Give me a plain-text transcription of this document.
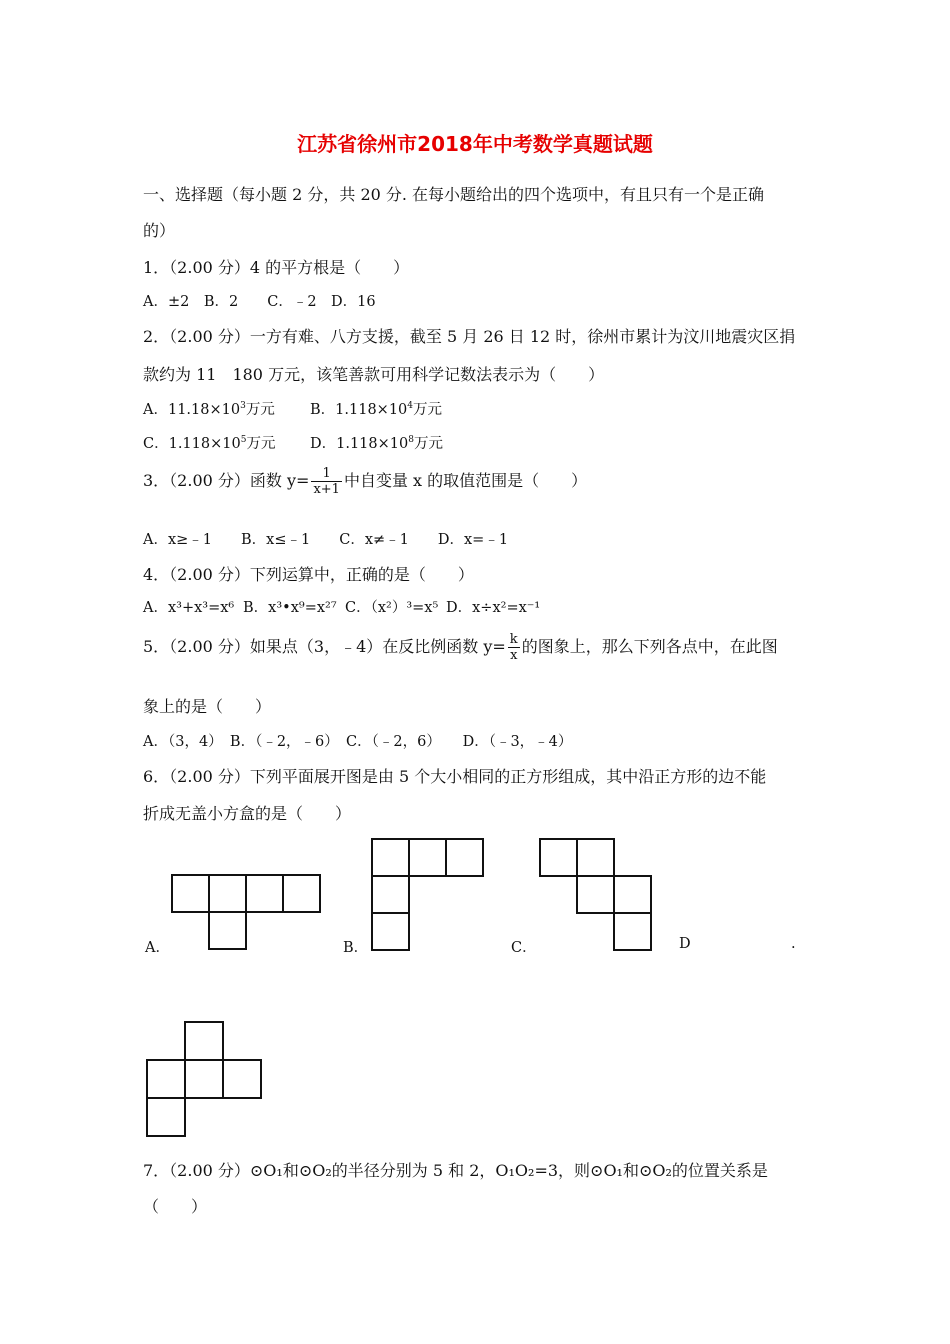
江苏省徐州市2018年中考数学真题试题
一、选择题（每小题 2 分，共 20 分. 在每小题给出的四个选项中，有且只有一个是正确
的）
1．（2.00 分）4 的平方根是（　　）
A．±2　B．2　　C．﹣2　D．16
2．（2.00 分）一方有难、八方支援，截至 5 月 26 日 12 时，徐州市累计为汶川地震灾区捐
款约为 11　180 万元，该笔善款可用科学记数法表示为（　　）
A．$11.18\times 10^3$万元 B．$1.118\times 10^4$万元
C．$1.118\times 10^5$万元 D．$1.118\times 10^8$万元
3．（2.00 分）函数 $y= \frac{1}{x+1}$ 中自变量 x 的取值范围是（　　）
A．x≥﹣1　　B．x≤﹣1　　C．x≠﹣1　　D．x=﹣1
4．（2.00 分）下列运算中，正确的是（　　）
A．x³+x³=x⁶ B．x³•x⁹=x²⁷ C．（x²）³=x⁵ D．x÷x²=x⁻¹
5．（2.00 分）如果点（3，﹣4）在反比例函数 $y= \frac{k}{x}$ 的图象上，那么下列各点中，在此图
象上的是（　　）
A．（3，4）　B．（﹣2，﹣6）　C．（﹣2，6）　　D．（﹣3，﹣4）
6．（2.00 分）下列平面展开图是由 5 个大小相同的正方形组成，其中沿正方形的边不能
折成无盖小方盒的是（　　）
A．	B．	C．	D	.
7．（2.00 分）⊙O₁和⊙O₂的半径分别为 5 和 2，O₁O₂=3，则⊙O₁和⊙O₂的位置关系是
（　　）
